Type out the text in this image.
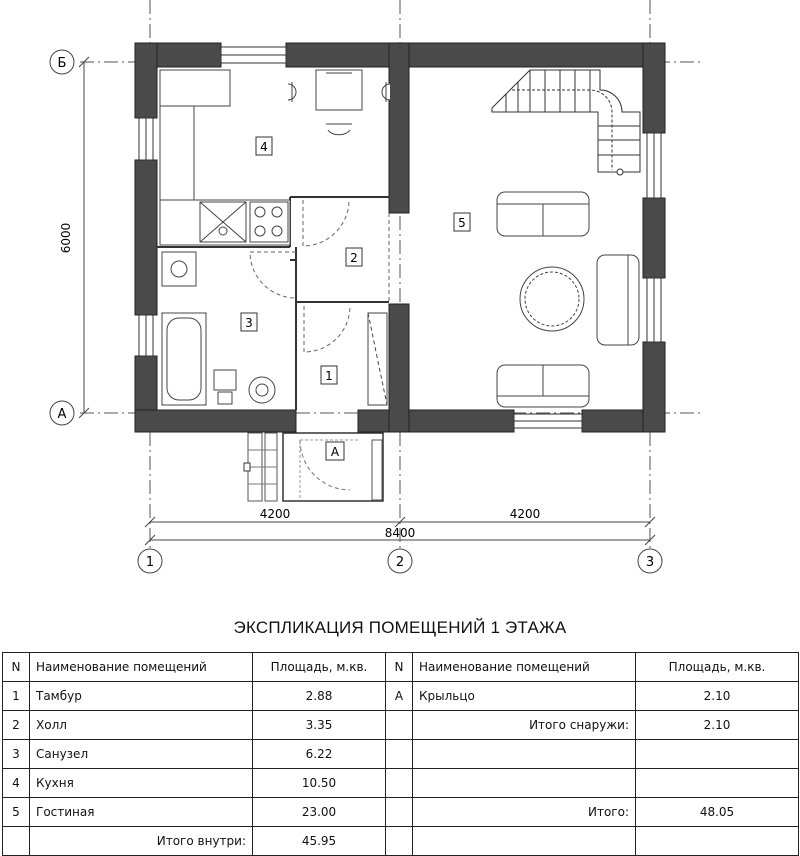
Б
А
1	2	3
4200	4200
8400
6000
4
2
3
1
5
А
ЭКСПЛИКАЦИЯ ПОМЕЩЕНИЙ 1 ЭТАЖА
N	Наименование помещений	Площадь, м.кв.	N	Наименование помещений	Площадь, м.кв.
1	Тамбур	2.88	А	Крыльцо	2.10
2	Холл	3.35		Итого снаружи:	2.10
3	Санузел	6.22			
4	Кухня	10.50			
5	Гостиная	23.00		Итого:	48.05
	Итого внутри:	45.95			
